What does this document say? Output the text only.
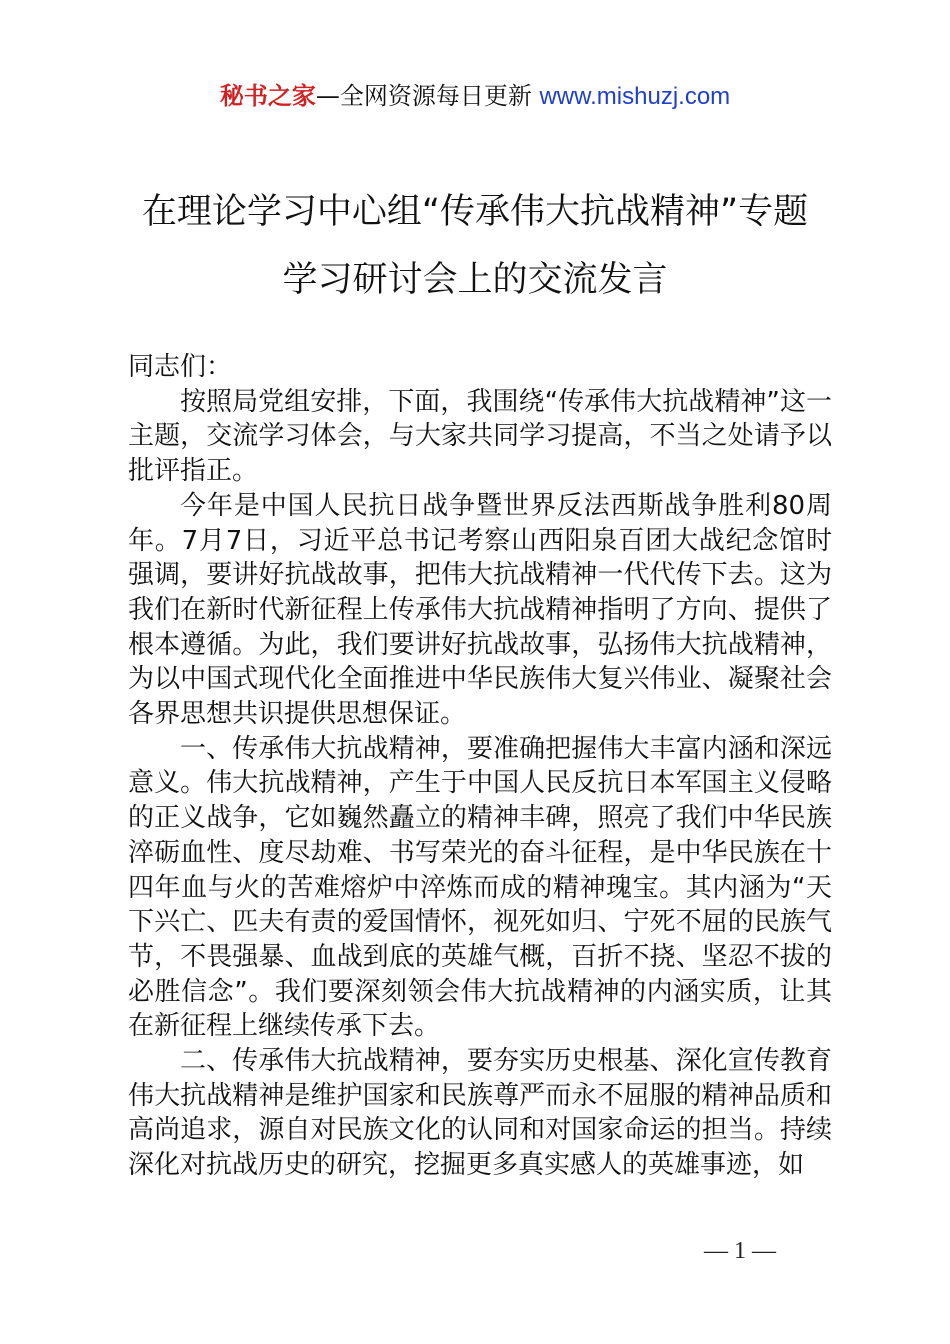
秘书之家—全网资源每日更新 www.mishuzj.com
在理论学习中心组“传承伟大抗战精神”专题
学习研讨会上的交流发言

同志们：

按照局党组安排，下面，我围绕“传承伟大抗战精神”这一主题，交流学习体会，与大家共同学习提高，不当之处请予以批评指正。

今年是中国人民抗日战争暨世界反法西斯战争胜利80周年。7月7日，习近平总书记考察山西阳泉百团大战纪念馆时强调，要讲好抗战故事，把伟大抗战精神一代代传下去。这为我们在新时代新征程上传承伟大抗战精神指明了方向、提供了根本遵循。为此，我们要讲好抗战故事，弘扬伟大抗战精神，为以中国式现代化全面推进中华民族伟大复兴伟业、凝聚社会各界思想共识提供思想保证。

一、传承伟大抗战精神，要准确把握伟大丰富内涵和深远意义。伟大抗战精神，产生于中国人民反抗日本军国主义侵略的正义战争，它如巍然矗立的精神丰碑，照亮了我们中华民族淬砺血性、度尽劫难、书写荣光的奋斗征程，是中华民族在十四年血与火的苦难熔炉中淬炼而成的精神瑰宝。其内涵为“天下兴亡、匹夫有责的爱国情怀，视死如归、宁死不屈的民族气节，不畏强暴、血战到底的英雄气概，百折不挠、坚忍不拔的必胜信念”。我们要深刻领会伟大抗战精神的内涵实质，让其在新征程上继续传承下去。

二、传承伟大抗战精神，要夯实历史根基、深化宣传教育伟大抗战精神是维护国家和民族尊严而永不屈服的精神品质和高尚追求，源自对民族文化的认同和对国家命运的担当。持续深化对抗战历史的研究，挖掘更多真实感人的英雄事迹，如

— 1 —
